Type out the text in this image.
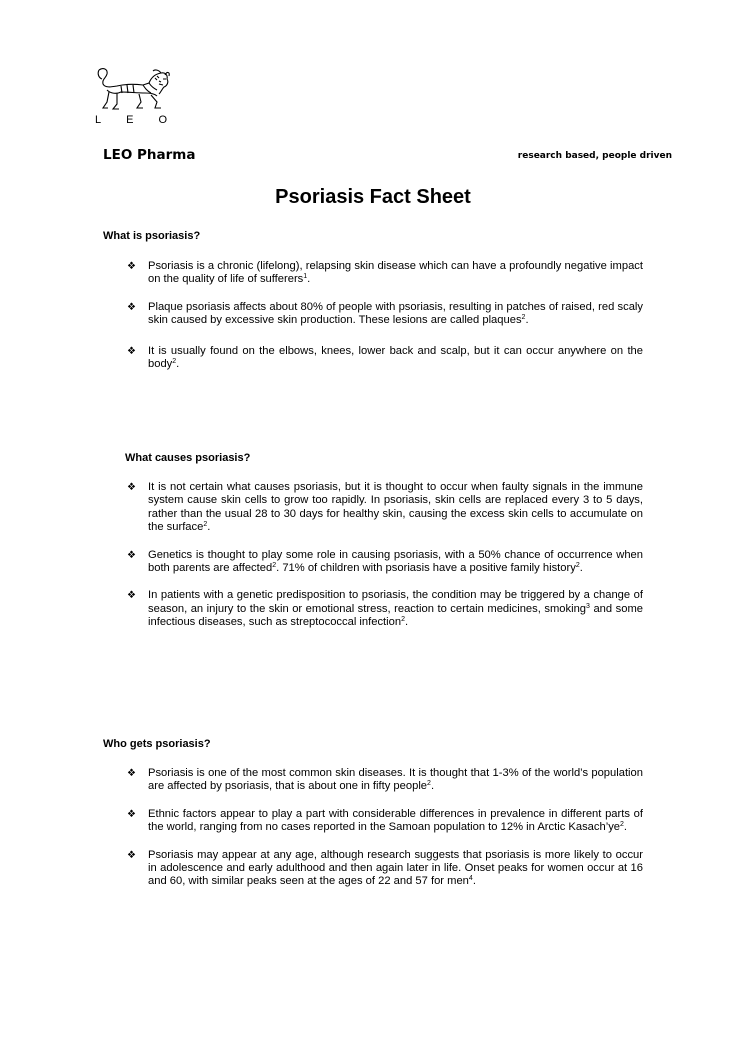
L E O
LEO Pharma	research based, people driven
Psoriasis Fact Sheet
What is psoriasis?
❖ Psoriasis is a chronic (lifelong), relapsing skin disease which can have a profoundly negative impact on the quality of life of sufferers$^1$.
❖ Plaque psoriasis affects about 80% of people with psoriasis, resulting in patches of raised, red scaly skin caused by excessive skin production. These lesions are called plaques$^2$.
❖ It is usually found on the elbows, knees, lower back and scalp, but it can occur anywhere on the body$^2$.
What causes psoriasis?
❖ It is not certain what causes psoriasis, but it is thought to occur when faulty signals in the immune system cause skin cells to grow too rapidly. In psoriasis, skin cells are replaced every 3 to 5 days, rather than the usual 28 to 30 days for healthy skin, causing the excess skin cells to accumulate on the surface$^2$.
❖ Genetics is thought to play some role in causing psoriasis, with a 50% chance of occurrence when both parents are affected$^2$. 71% of children with psoriasis have a positive family history$^2$.
❖ In patients with a genetic predisposition to psoriasis, the condition may be triggered by a change of season, an injury to the skin or emotional stress, reaction to certain medicines, smoking$^3$ and some infectious diseases, such as streptococcal infection$^2$.
Who gets psoriasis?
❖ Psoriasis is one of the most common skin diseases. It is thought that 1-3% of the world’s population are affected by psoriasis, that is about one in fifty people$^2$.
❖ Ethnic factors appear to play a part with considerable differences in prevalence in different parts of the world, ranging from no cases reported in the Samoan population to 12% in Arctic $Kasach’ye^2$.
❖ Psoriasis may appear at any age, although research suggests that psoriasis is more likely to occur in adolescence and early adulthood and then again later in life. Onset peaks for women occur at 16 and 60, with similar peaks seen at the ages of 22 and 57 for men$^4$.
